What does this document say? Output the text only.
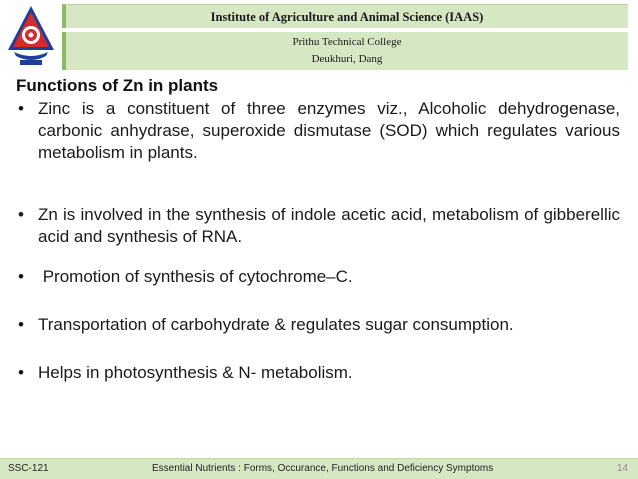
Institute of Agriculture and Animal Science (IAAS)
Prithu Technical College
Deukhuri, Dang
Functions of Zn in plants
• Zinc is a constituent of three enzymes viz., Alcoholic dehydrogenase, carbonic anhydrase, superoxide dismutase (SOD) which regulates various metabolism in plants.
• Zn is involved in the synthesis of indole acetic acid, metabolism of gibberellic acid and synthesis of RNA.
• Promotion of synthesis of cytochrome–C.
• Transportation of carbohydrate & regulates sugar consumption.
• Helps in photosynthesis & N- metabolism.
SSC-121	Essential Nutrients : Forms, Occurance, Functions and Deficiency Symptoms	14
